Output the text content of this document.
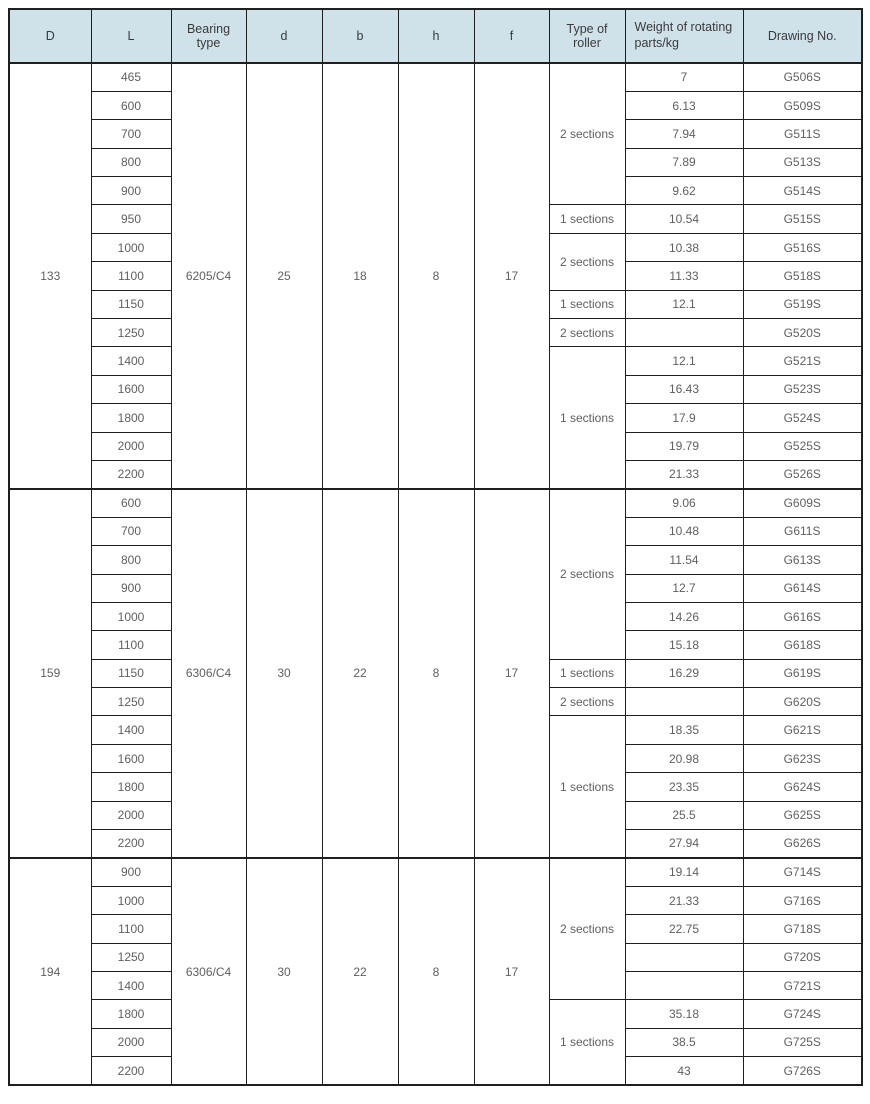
D	L	Bearing type	d	b	h	f	Type of roller	Weight of rotating parts/kg	Drawing No.
133	465	6205/C4	25	18	8	17	2 sections	7	G506S
	600							6.13	G509S
	700							7.94	G511S
	800							7.89	G513S
	900							9.62	G514S
	950						1 sections	10.54	G515S
	1000						2 sections	10.38	G516S
	1100							11.33	G518S
	1150						1 sections	12.1	G519S
	1250						2 sections		G520S
	1400						1 sections	12.1	G521S
	1600							16.43	G523S
	1800							17.9	G524S
	2000							19.79	G525S
	2200							21.33	G526S
159	600	6306/C4	30	22	8	17	2 sections	9.06	G609S
	700							10.48	G611S
	800							11.54	G613S
	900							12.7	G614S
	1000							14.26	G616S
	1100							15.18	G618S
	1150						1 sections	16.29	G619S
	1250						2 sections		G620S
	1400						1 sections	18.35	G621S
	1600							20.98	G623S
	1800							23.35	G624S
	2000							25.5	G625S
	2200							27.94	G626S
194	900	6306/C4	30	22	8	17	2 sections	19.14	G714S
	1000							21.33	G716S
	1100							22.75	G718S
	1250								G720S
	1400								G721S
	1800						1 sections	35.18	G724S
	2000							38.5	G725S
	2200							43	G726S
